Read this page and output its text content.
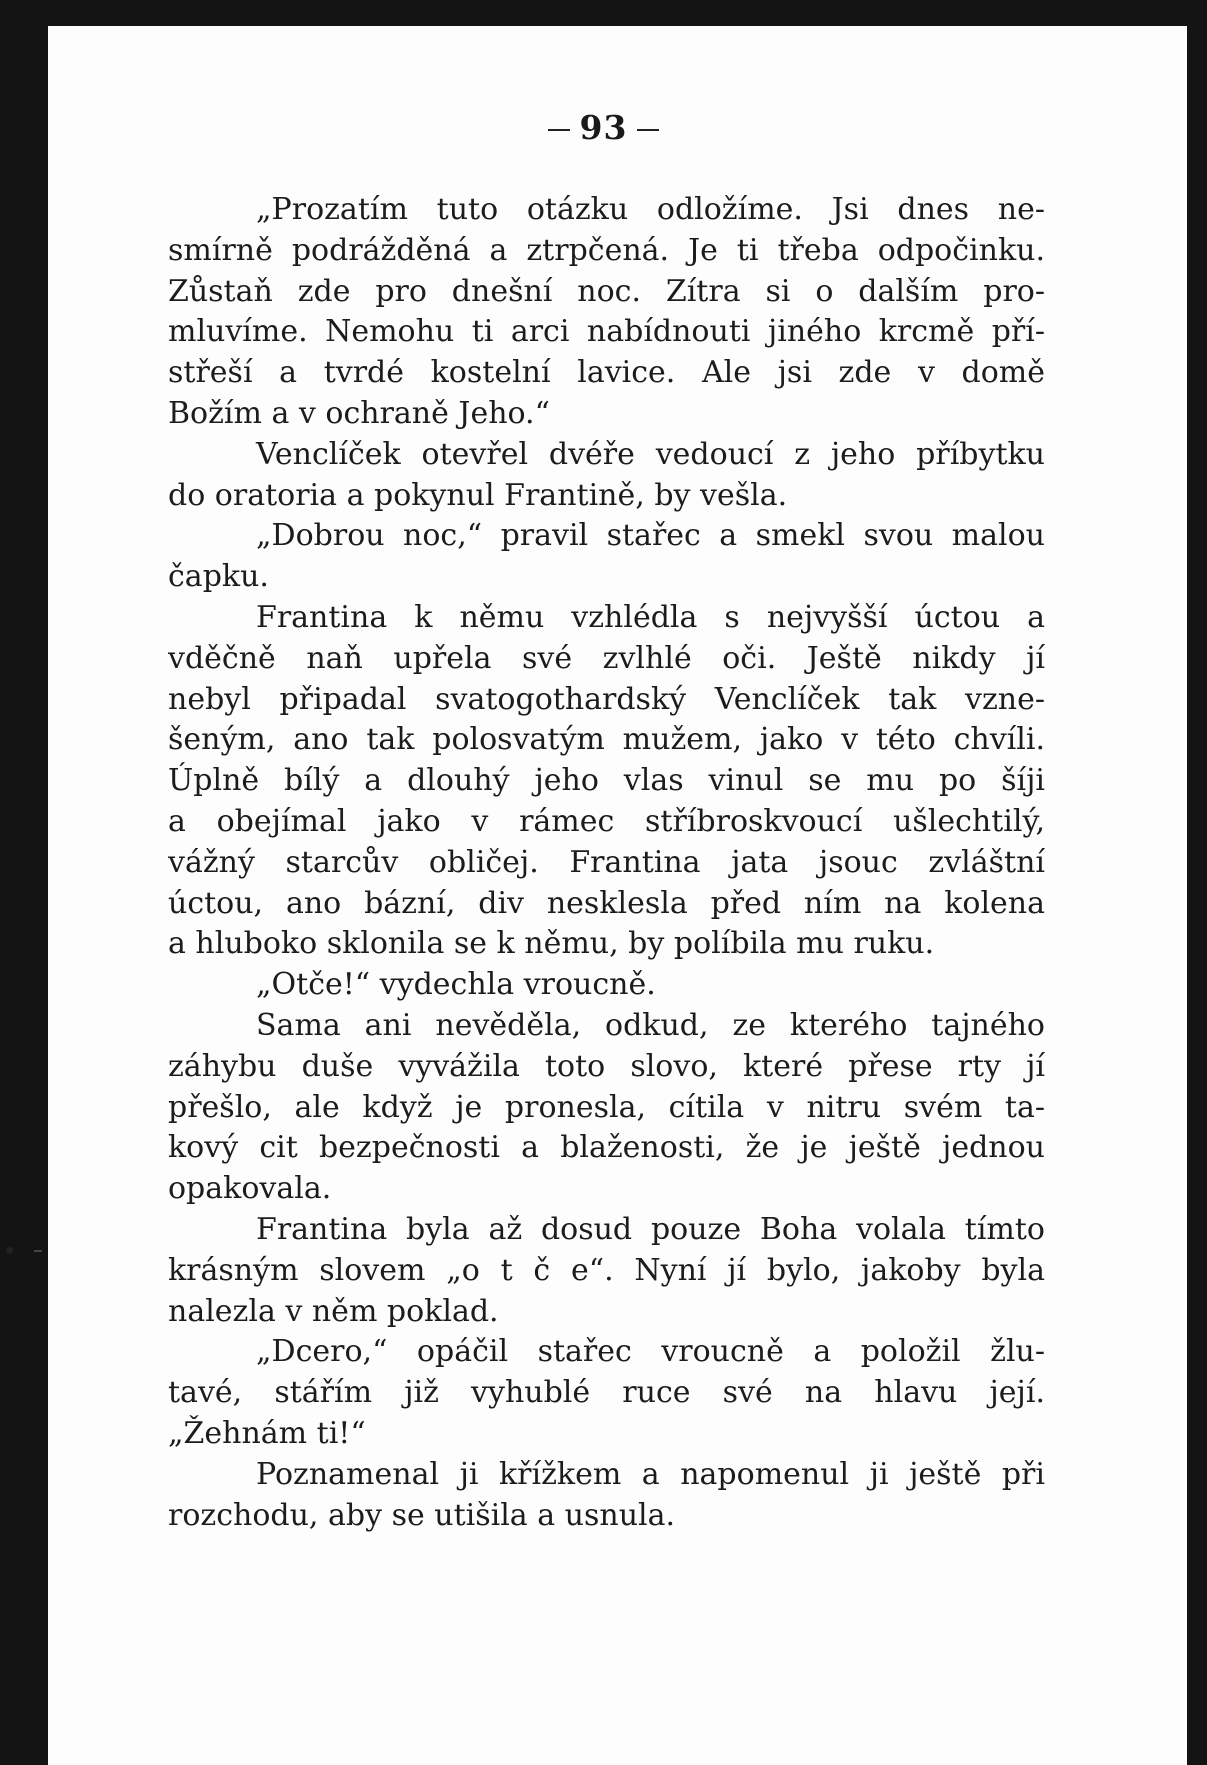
93
„Prozatím tuto otázku odložíme. Jsi dnes ne-
smírně podrážděná a ztrpčená. Je ti třeba odpočinku.
Zůstaň zde pro dnešní noc. Zítra si o dalším pro-
mluvíme. Nemohu ti arci nabídnouti jiného krcmě pří-
střeší a tvrdé kostelní lavice. Ale jsi zde v domě
Božím a v ochraně Jeho.“
Venclíček otevřel dvéře vedoucí z jeho příbytku
do oratoria a pokynul Frantině, by vešla.
„Dobrou noc,“ pravil stařec a smekl svou malou
čapku.
Frantina k němu vzhlédla s nejvyšší úctou a
vděčně naň upřela své zvlhlé oči. Ještě nikdy jí
nebyl připadal svatogothardský Venclíček tak vzne-
šeným, ano tak polosvatým mužem, jako v této chvíli.
Úplně bílý a dlouhý jeho vlas vinul se mu po šíji
a obejímal jako v rámec stříbroskvoucí ušlechtilý,
vážný starcův obličej. Frantina jata jsouc zvláštní
úctou, ano bázní, div nesklesla před ním na kolena
a hluboko sklonila se k němu, by políbila mu ruku.
„Otče!“ vydechla vroucně.
Sama ani nevěděla, odkud, ze kterého tajného
záhybu duše vyvážila toto slovo, které přese rty jí
přešlo, ale když je pronesla, cítila v nitru svém ta-
kový cit bezpečnosti a blaženosti, že je ještě jednou
opakovala.
Frantina byla až dosud pouze Boha volala tímto
krásným slovem „o t č e“. Nyní jí bylo, jakoby byla
nalezla v něm poklad.
„Dcero,“ opáčil stařec vroucně a položil žlu-
tavé, stářím již vyhublé ruce své na hlavu její.
„Žehnám ti!“
Poznamenal ji křížkem a napomenul ji ještě při
rozchodu, aby se utišila a usnula.
